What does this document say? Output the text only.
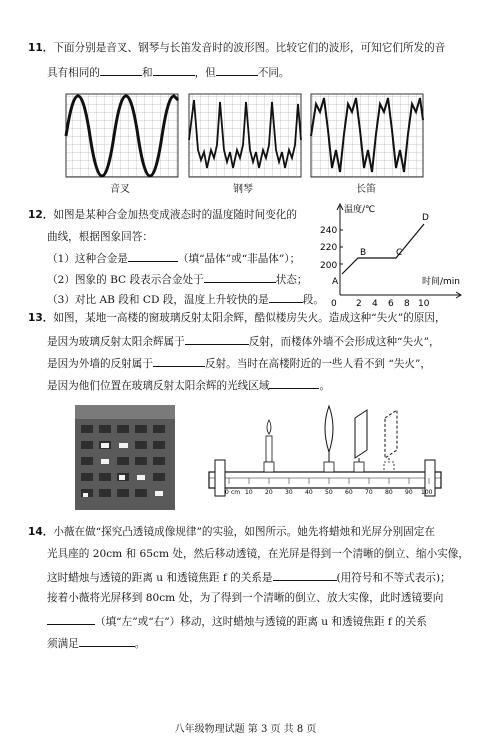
11．下面分别是音叉、钢琴与长笛发音时的波形图。比较它们的波形，可知它们所发的音
具有相同的	和	，但	不同。
音叉	钢琴	长笛
12．如图是某种合金加热变成液态时的温度随时间变化的
曲线，根据图象回答：
（1）这种合金是	（填“晶体”或“非晶体”）；
（2）图象的 BC 段表示合金处于	状态；
（3）对比 AB 段和 CD 段，温度上升较快的是	段。
温度/℃
时间/min
240
220
200
0 2 4 6 8 10
A
B	C
D
13．如图，某地一高楼的窗玻璃反射太阳余辉，酷似楼房失火。造成这种“失火”的原因，
是因为玻璃反射太阳余辉属于	反射，而楼体外墙不会形成这种“失火”，
是因为外墙的反射属于	反射。当时在高楼附近的一些人看不到 “失火”，
是因为他们位置在玻璃反射太阳余辉的光线区域	。
0 cm 10 20 30 40 50 60 70 80 90 100
14．小薇在做“探究凸透镜成像规律”的实验，如图所示。她先将蜡烛和光屏分别固定在
光具座的 20cm 和 65cm 处，然后移动透镜，在光屏是得到一个清晰的倒立、缩小实像，
这时蜡烛与透镜的距离 u 和透镜焦距 f 的关系是	(用符号和不等式表示)；
接着小薇将光屏移到 80cm 处，为了得到一个清晰的倒立、放大实像，此时透镜要向
（填“左”或“右”）移动，这时蜡烛与透镜的距离 u 和透镜焦距 f 的关系
须满足	。
八年级物理试题 第 3 页 共 8 页
